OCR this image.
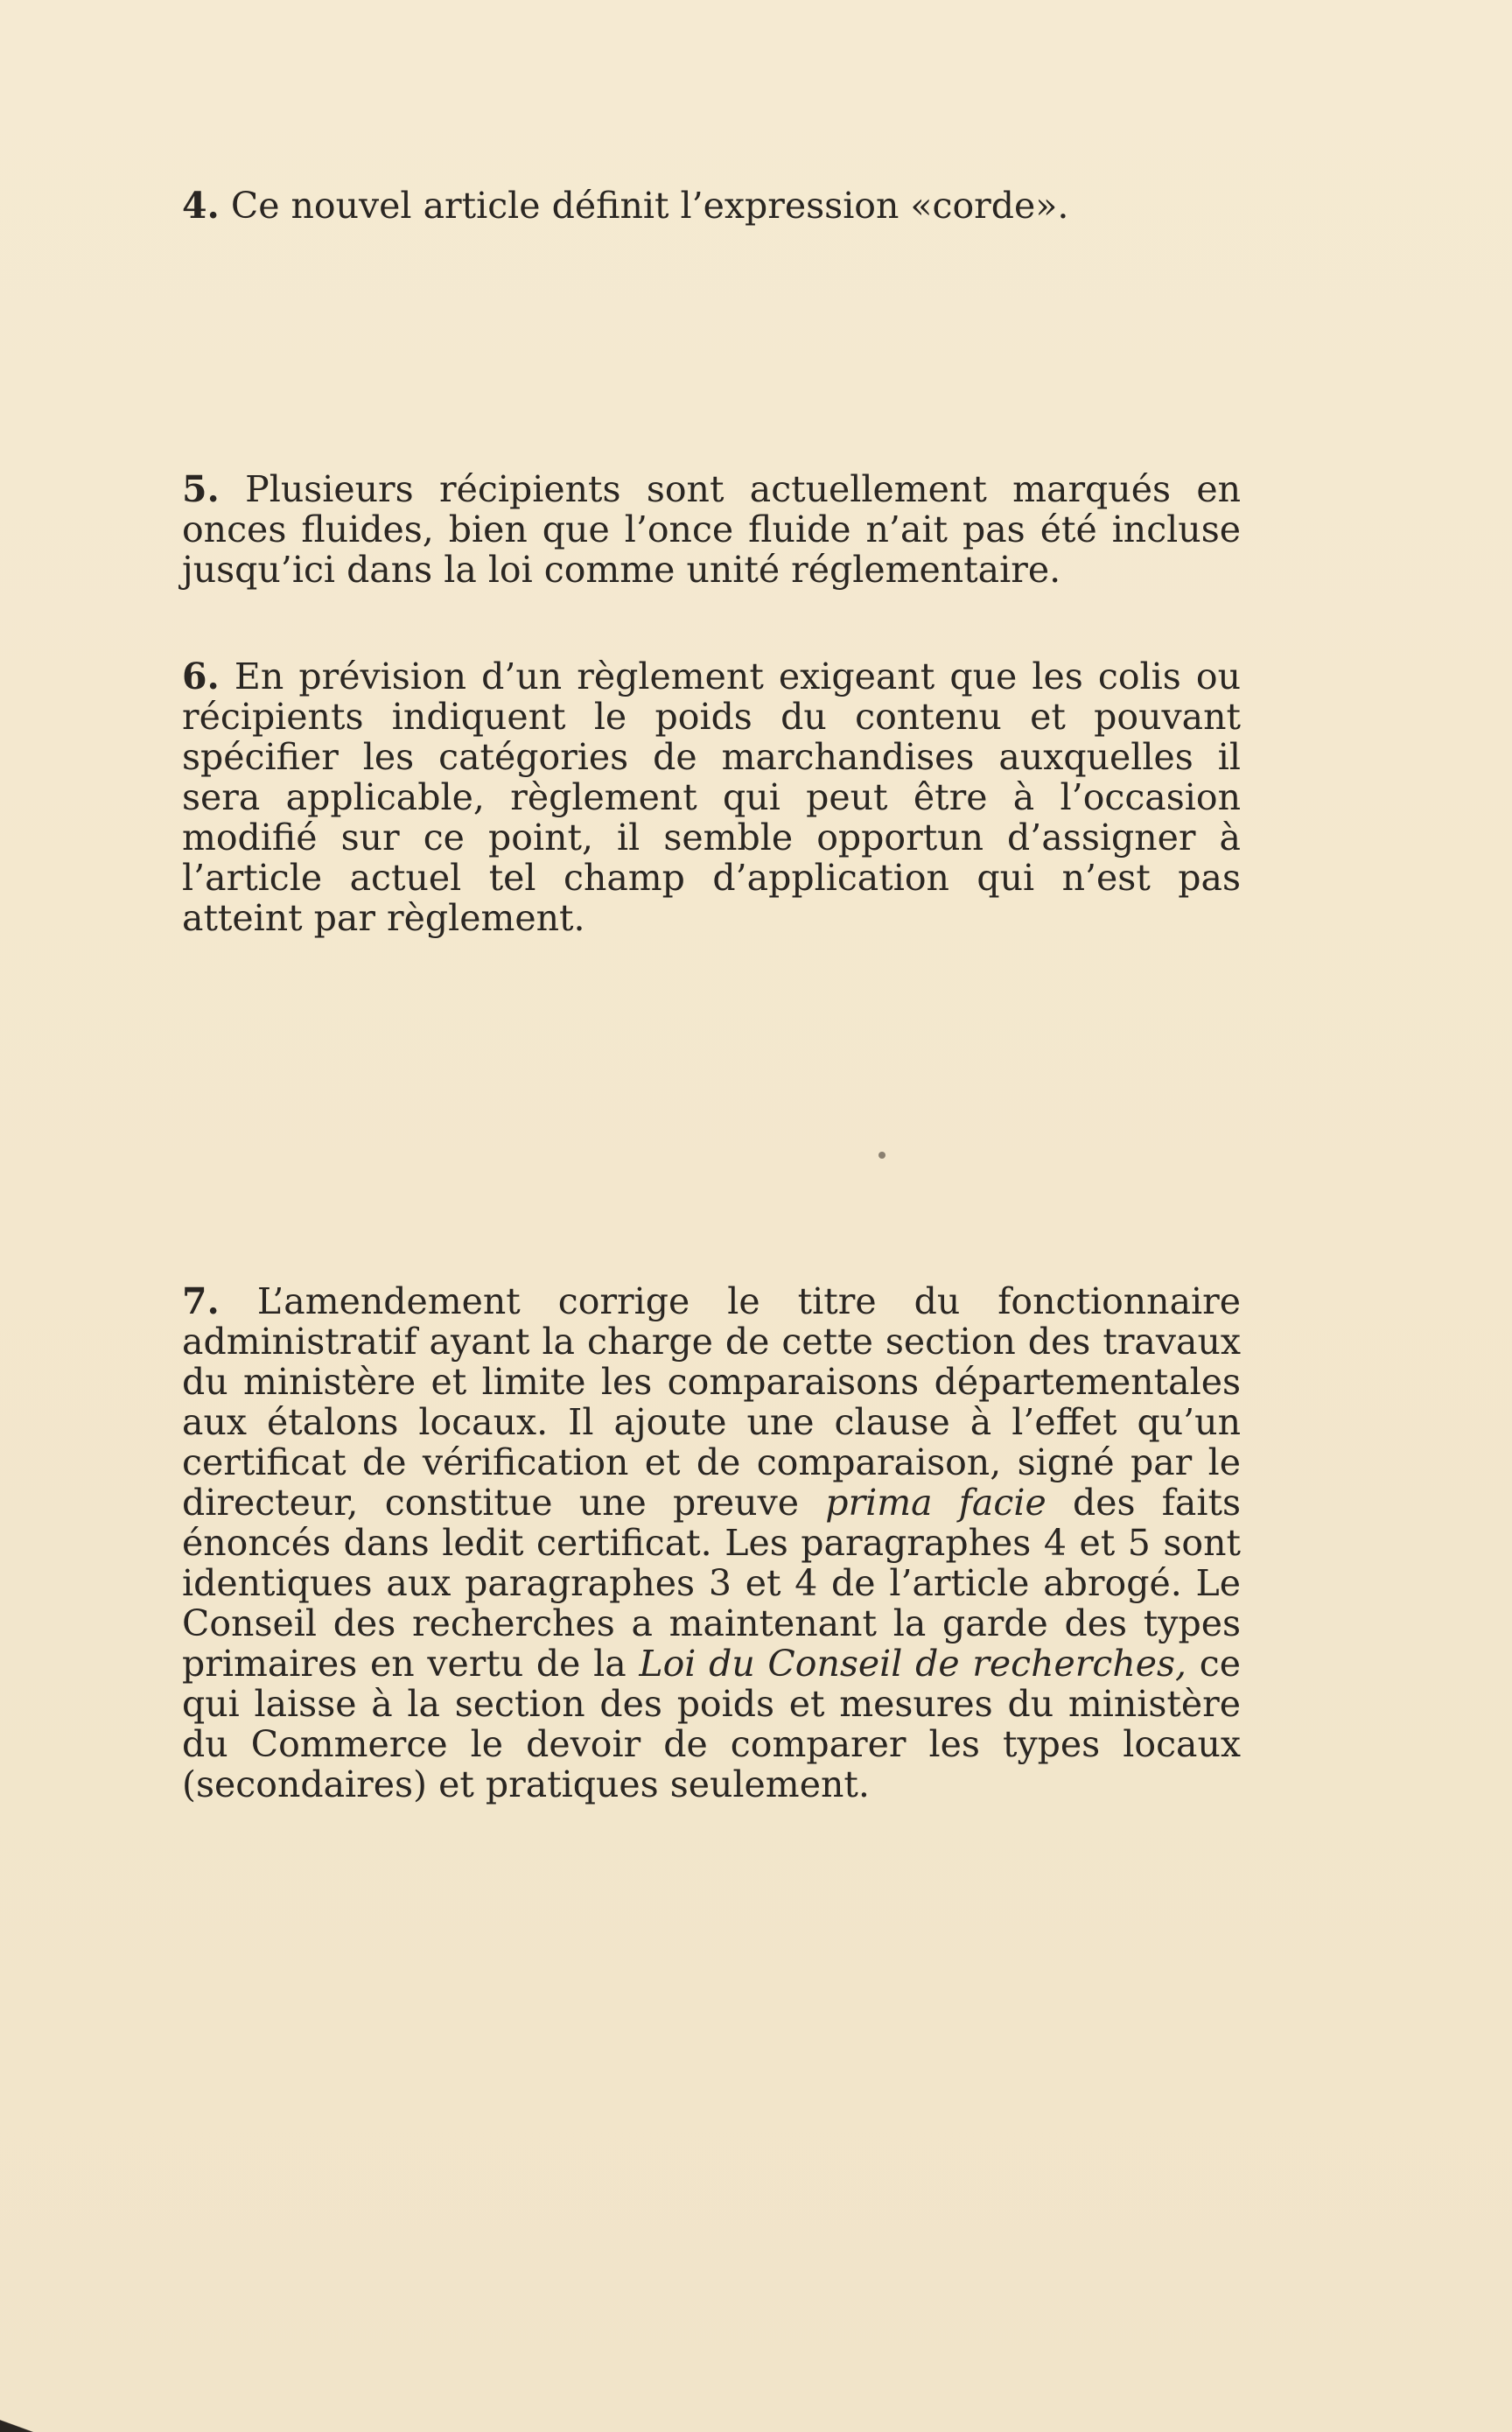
4. Ce nouvel article définit l’expression «corde».

5. Plusieurs récipients sont actuellement marqués en onces fluides, bien que l’once fluide n’ait pas été incluse jusqu’ici dans la loi comme unité réglementaire.

6. En prévision d’un règlement exigeant que les colis ou récipients indiquent le poids du contenu et pouvant spécifier les catégories de marchandises auxquelles il sera applicable, règlement qui peut être à l’occasion modifié sur ce point, il semble opportun d’assigner à l’article actuel tel champ d’application qui n’est pas atteint par règlement.

7. L’amendement corrige le titre du fonctionnaire administratif ayant la charge de cette section des travaux du ministère et limite les comparaisons départementales aux étalons locaux. Il ajoute une clause à l’effet qu’un certificat de vérification et de comparaison, signé par le directeur, constitue une preuve prima facie des faits énoncés dans ledit certificat. Les paragraphes 4 et 5 sont identiques aux paragraphes 3 et 4 de l’article abrogé. Le Conseil des recherches a maintenant la garde des types primaires en vertu de la Loi du Conseil de recherches, ce qui laisse à la section des poids et mesures du ministère du Commerce le devoir de comparer les types locaux (secondaires) et pratiques seulement.
